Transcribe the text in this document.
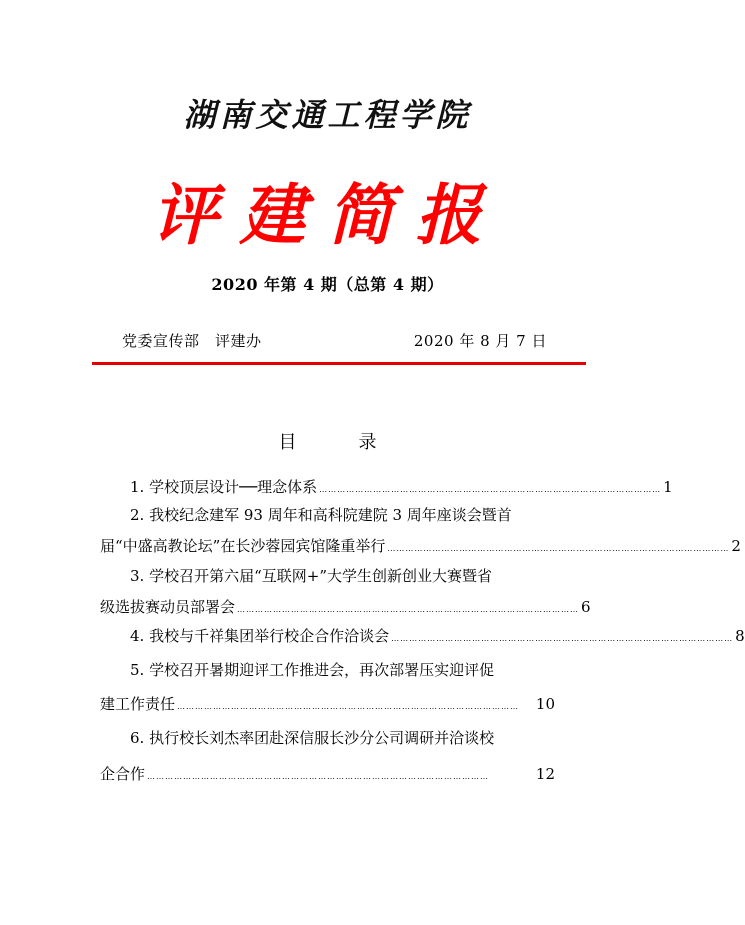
湖南交通工程学院
评建简报
2020 年第 4 期（总第 4 期）
党委宣传部　评建办	2020 年 8 月 7 日
目　录
1. 学校顶层设计──理念体系 …………………………………………………………………………………………………… 1
2. 我校纪念建军 93 周年和高科院建院 3 周年座谈会暨首
届“中盛高教论坛”在长沙蓉园宾馆隆重举行 …………………………………………………………………………………………………… 2
3. 学校召开第六届“互联网+”大学生创新创业大赛暨省
级选拔赛动员部署会 …………………………………………………………………………………………………… 6
4. 我校与千祥集团举行校企合作洽谈会 …………………………………………………………………………………………………… 8
5. 学校召开暑期迎评工作推进会，再次部署压实迎评促
建工作责任 ……………………………………………………………………………………………………	10
6. 执行校长刘杰率团赴深信服长沙分公司调研并洽谈校
企合作 ……………………………………………………………………………………………………	12
